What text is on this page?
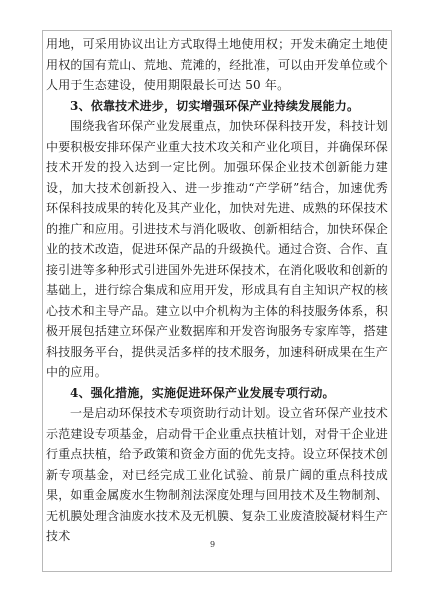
用地，可采用协议出让方式取得土地使用权；开发未确定土地使用权的国有荒山、荒地、荒滩的，经批准，可以由开发单位或个人用于生态建设，使用期限最长可达 50 年。

3、依靠技术进步，切实增强环保产业持续发展能力。

围绕我省环保产业发展重点，加快环保科技开发，科技计划中要积极安排环保产业重大技术攻关和产业化项目，并确保环保技术开发的投入达到一定比例。加强环保企业技术创新能力建设，加大技术创新投入、进一步推动“产学研”结合，加速优秀环保科技成果的转化及其产业化，加快对先进、成熟的环保技术的推广和应用。引进技术与消化吸收、创新相结合，加快环保企业的技术改造，促进环保产品的升级换代。通过合资、合作、直接引进等多种形式引进国外先进环保技术，在消化吸收和创新的基础上，进行综合集成和应用开发，形成具有自主知识产权的核心技术和主导产品。建立以中介机构为主体的科技服务体系，积极开展包括建立环保产业数据库和开发咨询服务专家库等，搭建科技服务平台，提供灵活多样的技术服务，加速科研成果在生产中的应用。

4、强化措施，实施促进环保产业发展专项行动。

一是启动环保技术专项资助行动计划。设立省环保产业技术示范建设专项基金，启动骨干企业重点扶植计划，对骨干企业进行重点扶植，给予政策和资金方面的优先支持。设立环保技术创新专项基金，对已经完成工业化试验、前景广阔的重点科技成果，如重金属废水生物制剂法深度处理与回用技术及生物制剂、无机膜处理含油废水技术及无机膜、复杂工业废渣胶凝材料生产技术

9
